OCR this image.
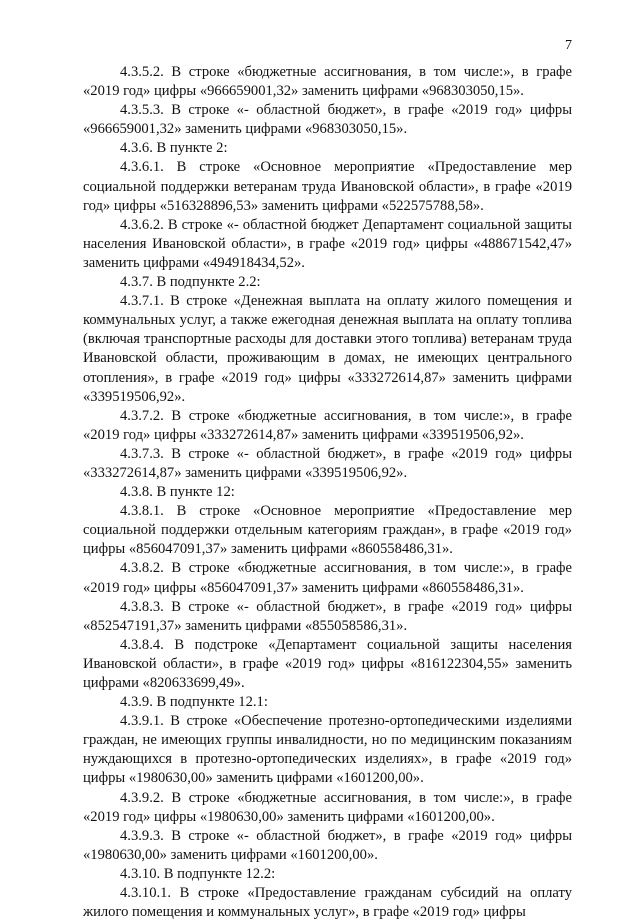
7

4.3.5.2. В строке «бюджетные ассигнования, в том числе:», в графе «2019 год» цифры «966659001,32» заменить цифрами «968303050,15».

4.3.5.3. В строке «- областной бюджет», в графе «2019 год» цифры «966659001,32» заменить цифрами «968303050,15».

4.3.6. В пункте 2:

4.3.6.1. В строке «Основное мероприятие «Предоставление мер социальной поддержки ветеранам труда Ивановской области», в графе «2019 год» цифры «516328896,53» заменить цифрами «522575788,58».

4.3.6.2. В строке «- областной бюджет Департамент социальной защиты населения Ивановской области», в графе «2019 год» цифры «488671542,47» заменить цифрами «494918434,52».

4.3.7. В подпункте 2.2:

4.3.7.1. В строке «Денежная выплата на оплату жилого помещения и коммунальных услуг, а также ежегодная денежная выплата на оплату топлива (включая транспортные расходы для доставки этого топлива) ветеранам труда Ивановской области, проживающим в домах, не имеющих центрального отопления», в графе «2019 год» цифры «333272614,87» заменить цифрами «339519506,92».

4.3.7.2. В строке «бюджетные ассигнования, в том числе:», в графе «2019 год» цифры «333272614,87» заменить цифрами «339519506,92».

4.3.7.3. В строке «- областной бюджет», в графе «2019 год» цифры «333272614,87» заменить цифрами «339519506,92».

4.3.8. В пункте 12:

4.3.8.1. В строке «Основное мероприятие «Предоставление мер социальной поддержки отдельным категориям граждан», в графе «2019 год» цифры «856047091,37» заменить цифрами «860558486,31».

4.3.8.2. В строке «бюджетные ассигнования, в том числе:», в графе «2019 год» цифры «856047091,37» заменить цифрами «860558486,31».

4.3.8.3. В строке «- областной бюджет», в графе «2019 год» цифры «852547191,37» заменить цифрами «855058586,31».

4.3.8.4. В подстроке «Департамент социальной защиты населения Ивановской области», в графе «2019 год» цифры «816122304,55» заменить цифрами «820633699,49».

4.3.9. В подпункте 12.1:

4.3.9.1. В строке «Обеспечение протезно-ортопедическими изделиями граждан, не имеющих группы инвалидности, но по медицинским показаниям нуждающихся в протезно-ортопедических изделиях», в графе «2019 год» цифры «1980630,00» заменить цифрами «1601200,00».

4.3.9.2. В строке «бюджетные ассигнования, в том числе:», в графе «2019 год» цифры «1980630,00» заменить цифрами «1601200,00».

4.3.9.3. В строке «- областной бюджет», в графе «2019 год» цифры «1980630,00» заменить цифрами «1601200,00».

4.3.10. В подпункте 12.2:

4.3.10.1. В строке «Предоставление гражданам субсидий на оплату жилого помещения и коммунальных услуг», в графе «2019 год» цифры
